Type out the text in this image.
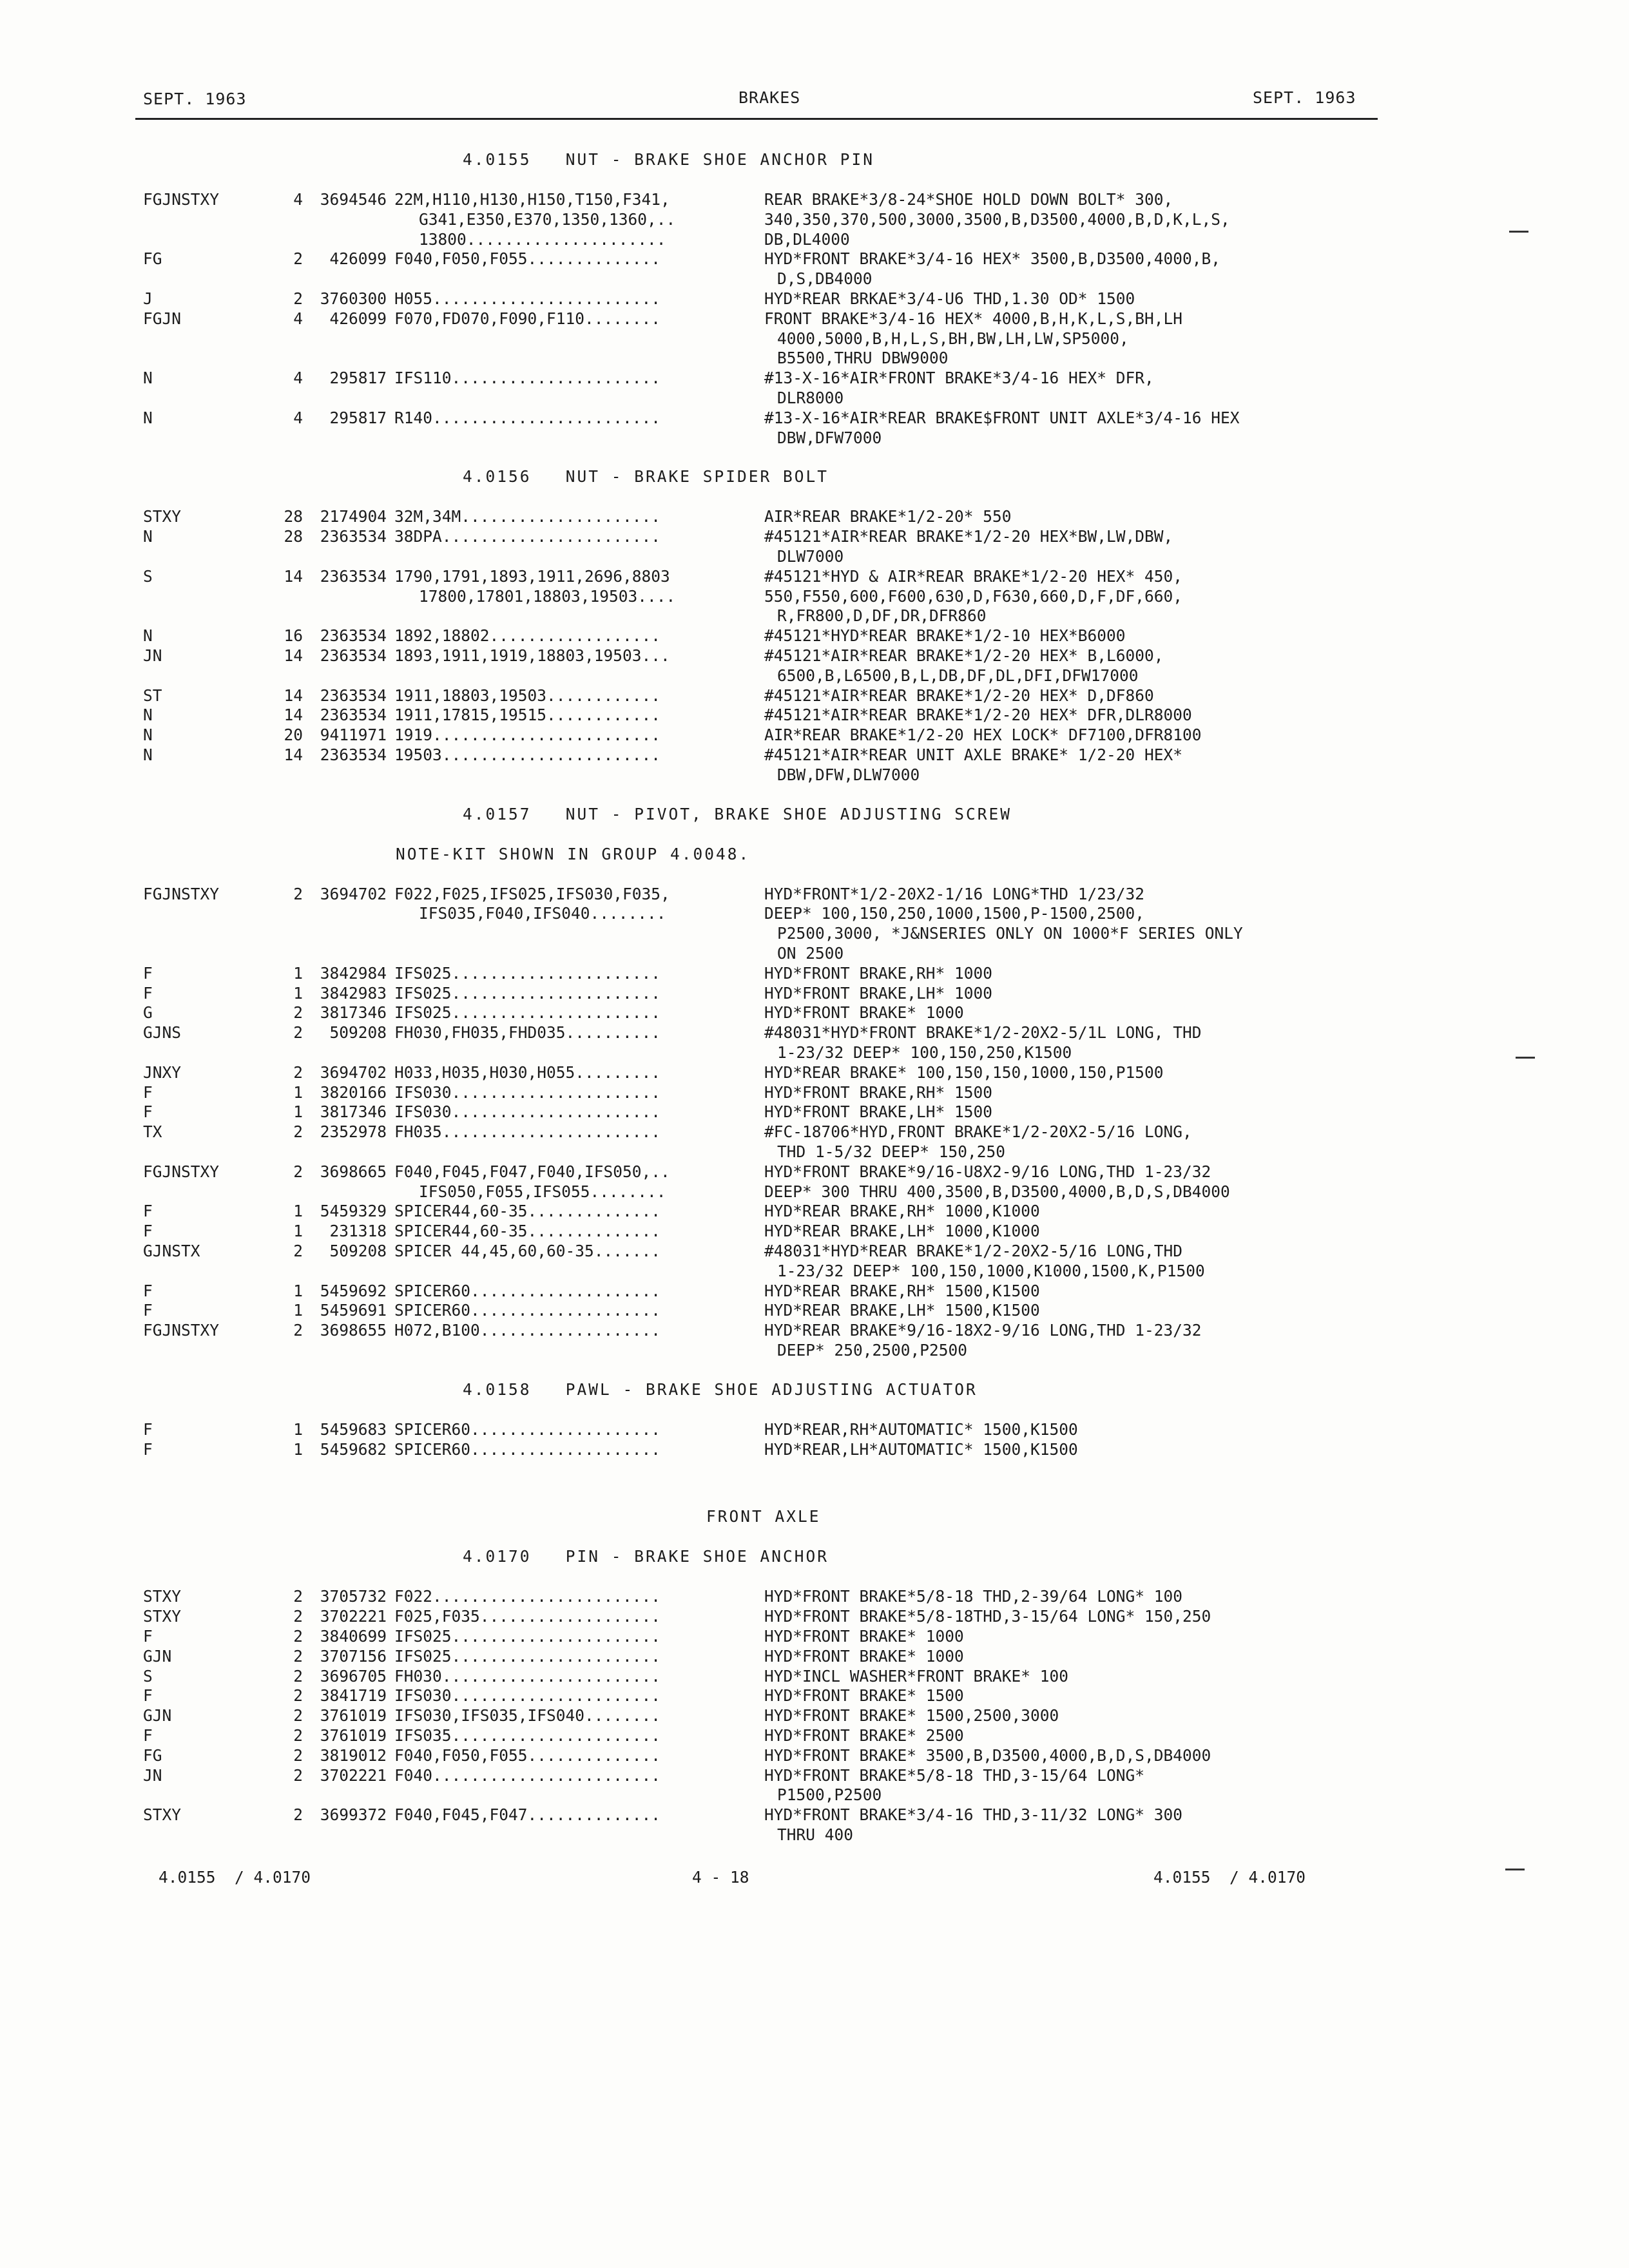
SEPT. 1963	BRAKES	SEPT. 1963
4.0155  / 4.0170	4 - 18	4.0155  / 4.0170
4.0155   NUT - BRAKE SHOE ANCHOR PIN
FGJNSTXY	4 3694546 22M,H110,H130,H150,T150,F341,	REAR BRAKE*3/8-24*SHOE HOLD DOWN BOLT* 300,
G341,E350,E370,1350,1360,..	340,350,370,500,3000,3500,B,D3500,4000,B,D,K,L,S,
13800.....................	DB,DL4000
FG	2 426099 F040,F050,F055..............	HYD*FRONT BRAKE*3/4-16 HEX* 3500,B,D3500,4000,B,
D,S,DB4000
J	2 3760300 H055........................	HYD*REAR BRKAE*3/4-U6 THD,1.30 OD* 1500
FGJN	4 426099 F070,FD070,F090,F110........	FRONT BRAKE*3/4-16 HEX* 4000,B,H,K,L,S,BH,LH
4000,5000,B,H,L,S,BH,BW,LH,LW,SP5000,
B5500,THRU DBW9000
N	4 295817 IFS110......................	#13-X-16*AIR*FRONT BRAKE*3/4-16 HEX* DFR,
DLR8000
N	4 295817 R140........................	#13-X-16*AIR*REAR BRAKE$FRONT UNIT AXLE*3/4-16 HEX
DBW,DFW7000
4.0156   NUT - BRAKE SPIDER BOLT
STXY	28 2174904 32M,34M.....................	AIR*REAR BRAKE*1/2-20* 550
N	28 2363534 38DPA.......................	#45121*AIR*REAR BRAKE*1/2-20 HEX*BW,LW,DBW,
DLW7000
S	14 2363534 1790,1791,1893,1911,2696,8803	#45121*HYD & AIR*REAR BRAKE*1/2-20 HEX* 450,
17800,17801,18803,19503....	550,F550,600,F600,630,D,F630,660,D,F,DF,660,
R,FR800,D,DF,DR,DFR860
N	16 2363534 1892,18802..................	#45121*HYD*REAR BRAKE*1/2-10 HEX*B6000
JN	14 2363534 1893,1911,1919,18803,19503...	#45121*AIR*REAR BRAKE*1/2-20 HEX* B,L6000,
6500,B,L6500,B,L,DB,DF,DL,DFI,DFW17000
ST	14 2363534 1911,18803,19503............	#45121*AIR*REAR BRAKE*1/2-20 HEX* D,DF860
N	14 2363534 1911,17815,19515............	#45121*AIR*REAR BRAKE*1/2-20 HEX* DFR,DLR8000
N	20 9411971 1919........................	AIR*REAR BRAKE*1/2-20 HEX LOCK* DF7100,DFR8100
N	14 2363534 19503.......................	#45121*AIR*REAR UNIT AXLE BRAKE* 1/2-20 HEX*
DBW,DFW,DLW7000
4.0157   NUT - PIVOT, BRAKE SHOE ADJUSTING SCREW
NOTE-KIT SHOWN IN GROUP 4.0048.
FGJNSTXY	2 3694702 F022,F025,IFS025,IFS030,F035,	HYD*FRONT*1/2-20X2-1/16 LONG*THD 1/23/32
IFS035,F040,IFS040........	DEEP* 100,150,250,1000,1500,P-1500,2500,
P2500,3000, *J&NSERIES ONLY ON 1000*F SERIES ONLY
ON 2500
F	1 3842984 IFS025......................	HYD*FRONT BRAKE,RH* 1000
F	1 3842983 IFS025......................	HYD*FRONT BRAKE,LH* 1000
G	2 3817346 IFS025......................	HYD*FRONT BRAKE* 1000
GJNS	2 509208 FH030,FH035,FHD035..........	#48031*HYD*FRONT BRAKE*1/2-20X2-5/1L LONG, THD
1-23/32 DEEP* 100,150,250,K1500
JNXY	2 3694702 H033,H035,H030,H055.........	HYD*REAR BRAKE* 100,150,150,1000,150,P1500
F	1 3820166 IFS030......................	HYD*FRONT BRAKE,RH* 1500
F	1 3817346 IFS030......................	HYD*FRONT BRAKE,LH* 1500
TX	2 2352978 FH035.......................	#FC-18706*HYD,FRONT BRAKE*1/2-20X2-5/16 LONG,
THD 1-5/32 DEEP* 150,250
FGJNSTXY	2 3698665 F040,F045,F047,F040,IFS050,..	HYD*FRONT BRAKE*9/16-U8X2-9/16 LONG,THD 1-23/32
IFS050,F055,IFS055........	DEEP* 300 THRU 400,3500,B,D3500,4000,B,D,S,DB4000
F	1 5459329 SPICER44,60-35..............	HYD*REAR BRAKE,RH* 1000,K1000
F	1 231318 SPICER44,60-35..............	HYD*REAR BRAKE,LH* 1000,K1000
GJNSTX	2 509208 SPICER 44,45,60,60-35.......	#48031*HYD*REAR BRAKE*1/2-20X2-5/16 LONG,THD
1-23/32 DEEP* 100,150,1000,K1000,1500,K,P1500
F	1 5459692 SPICER60....................	HYD*REAR BRAKE,RH* 1500,K1500
F	1 5459691 SPICER60....................	HYD*REAR BRAKE,LH* 1500,K1500
FGJNSTXY	2 3698655 H072,B100...................	HYD*REAR BRAKE*9/16-18X2-9/16 LONG,THD 1-23/32
DEEP* 250,2500,P2500
4.0158   PAWL - BRAKE SHOE ADJUSTING ACTUATOR
F	1 5459683 SPICER60....................	HYD*REAR,RH*AUTOMATIC* 1500,K1500
F	1 5459682 SPICER60....................	HYD*REAR,LH*AUTOMATIC* 1500,K1500
FRONT AXLE
4.0170   PIN - BRAKE SHOE ANCHOR
STXY	2 3705732 F022........................	HYD*FRONT BRAKE*5/8-18 THD,2-39/64 LONG* 100
STXY	2 3702221 F025,F035...................	HYD*FRONT BRAKE*5/8-18THD,3-15/64 LONG* 150,250
F	2 3840699 IFS025......................	HYD*FRONT BRAKE* 1000
GJN	2 3707156 IFS025......................	HYD*FRONT BRAKE* 1000
S	2 3696705 FH030.......................	HYD*INCL WASHER*FRONT BRAKE* 100
F	2 3841719 IFS030......................	HYD*FRONT BRAKE* 1500
GJN	2 3761019 IFS030,IFS035,IFS040........	HYD*FRONT BRAKE* 1500,2500,3000
F	2 3761019 IFS035......................	HYD*FRONT BRAKE* 2500
FG	2 3819012 F040,F050,F055..............	HYD*FRONT BRAKE* 3500,B,D3500,4000,B,D,S,DB4000
JN	2 3702221 F040........................	HYD*FRONT BRAKE*5/8-18 THD,3-15/64 LONG*
P1500,P2500
STXY	2 3699372 F040,F045,F047..............	HYD*FRONT BRAKE*3/4-16 THD,3-11/32 LONG* 300
THRU 400
